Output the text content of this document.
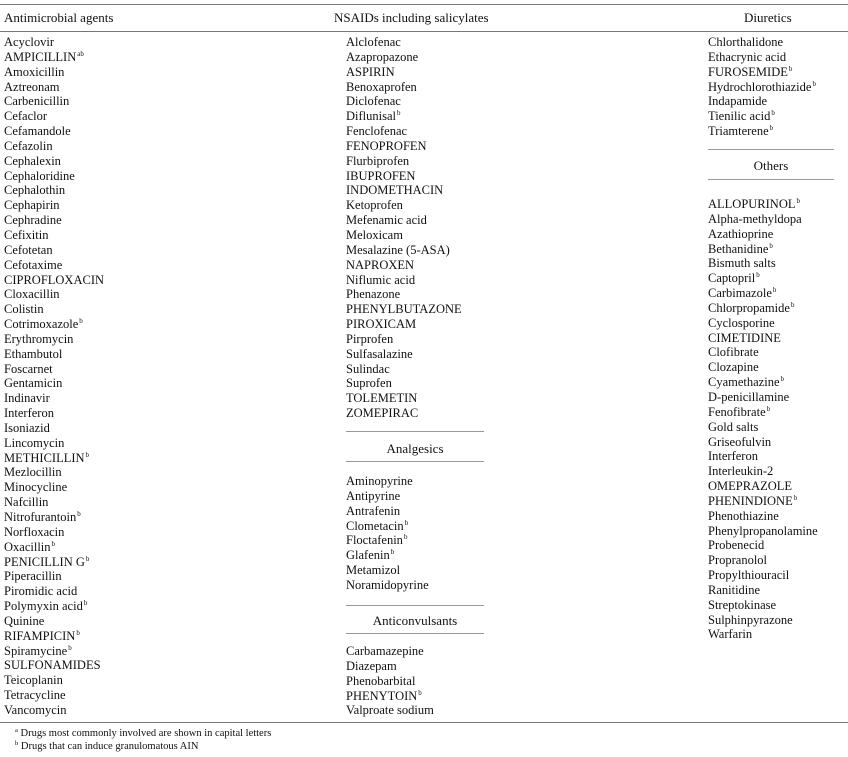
Antimicrobial agents	NSAIDs including salicylates	Diuretics
Acyclovir
$AMPICILLIN^{ab}$
Amoxicillin
Aztreonam
Carbenicillin
Cefaclor
Cefamandole
Cefazolin
Cephalexin
Cephaloridine
Cephalothin
Cephapirin
Cephradine
Cefixitin
Cefotetan
Cefotaxime
CIPROFLOXACIN
Cloxacillin
Colistin
Cotrimoxazole$^b$
Erythromycin
Ethambutol
Foscarnet
Gentamicin
Indinavir
Interferon
Isoniazid
Lincomycin
METHICILLIN$^b$
Mezlocillin
Minocycline
Nafcillin
Nitrofurantoin$^b$
Norfloxacin
Oxacillin$^b$
PENICILLIN $G^b$
Piperacillin
Piromidic acid
Polymyxin acid$^b$
Quinine
RIFAMPICIN$^b$
Spiramycine$^b$
SULFONAMIDES
Teicoplanin
Tetracycline
Vancomycin
Alclofenac
Azapropazone
ASPIRIN
Benoxaprofen
Diclofenac
Diflunisal$^b$
Fenclofenac
FENOPROFEN
Flurbiprofen
IBUPROFEN
INDOMETHACIN
Ketoprofen
Mefenamic acid
Meloxicam
Mesalazine (5-ASA)
NAPROXEN
Niflumic acid
Phenazone
PHENYLBUTAZONE
PIROXICAM
Pirprofen
Sulfasalazine
Sulindac
Suprofen
TOLEMETIN
ZOMEPIRAC
Analgesics
Aminopyrine
Antipyrine
Antrafenin
Clometacin$^b$
Floctafenin$^b$
Glafenin$^b$
Metamizol
Noramidopyrine
Anticonvulsants
Carbamazepine
Diazepam
Phenobarbital
PHENYTOIN$^b$
Valproate sodium
Chlorthalidone
Ethacrynic acid
FUROSEMIDE$^b$
Hydrochlorothiazide$^b$
Indapamide
Tienilic acid$^b$
Triamterene$^b$
Others
ALLOPURINOL$^b$
Alpha-methyldopa
Azathioprine
Bethanidine$^b$
Bismuth salts
Captopril$^b$
Carbimazole$^b$
Chlorpropamide$^b$
Cyclosporine
CIMETIDINE
Clofibrate
Clozapine
Cyamethazine$^b$
D-penicillamine
Fenofibrate$^b$
Gold salts
Griseofulvin
Interferon
Interleukin-2
OMEPRAZOLE
PHENINDIONE$^b$
Phenothiazine
Phenylpropanolamine
Probenecid
Propranolol
Propylthiouracil
Ranitidine
Streptokinase
Sulphinpyrazone
Warfarin
$^a$ Drugs most commonly involved are shown in capital letters
$^b$ Drugs that can induce granulomatous AIN
